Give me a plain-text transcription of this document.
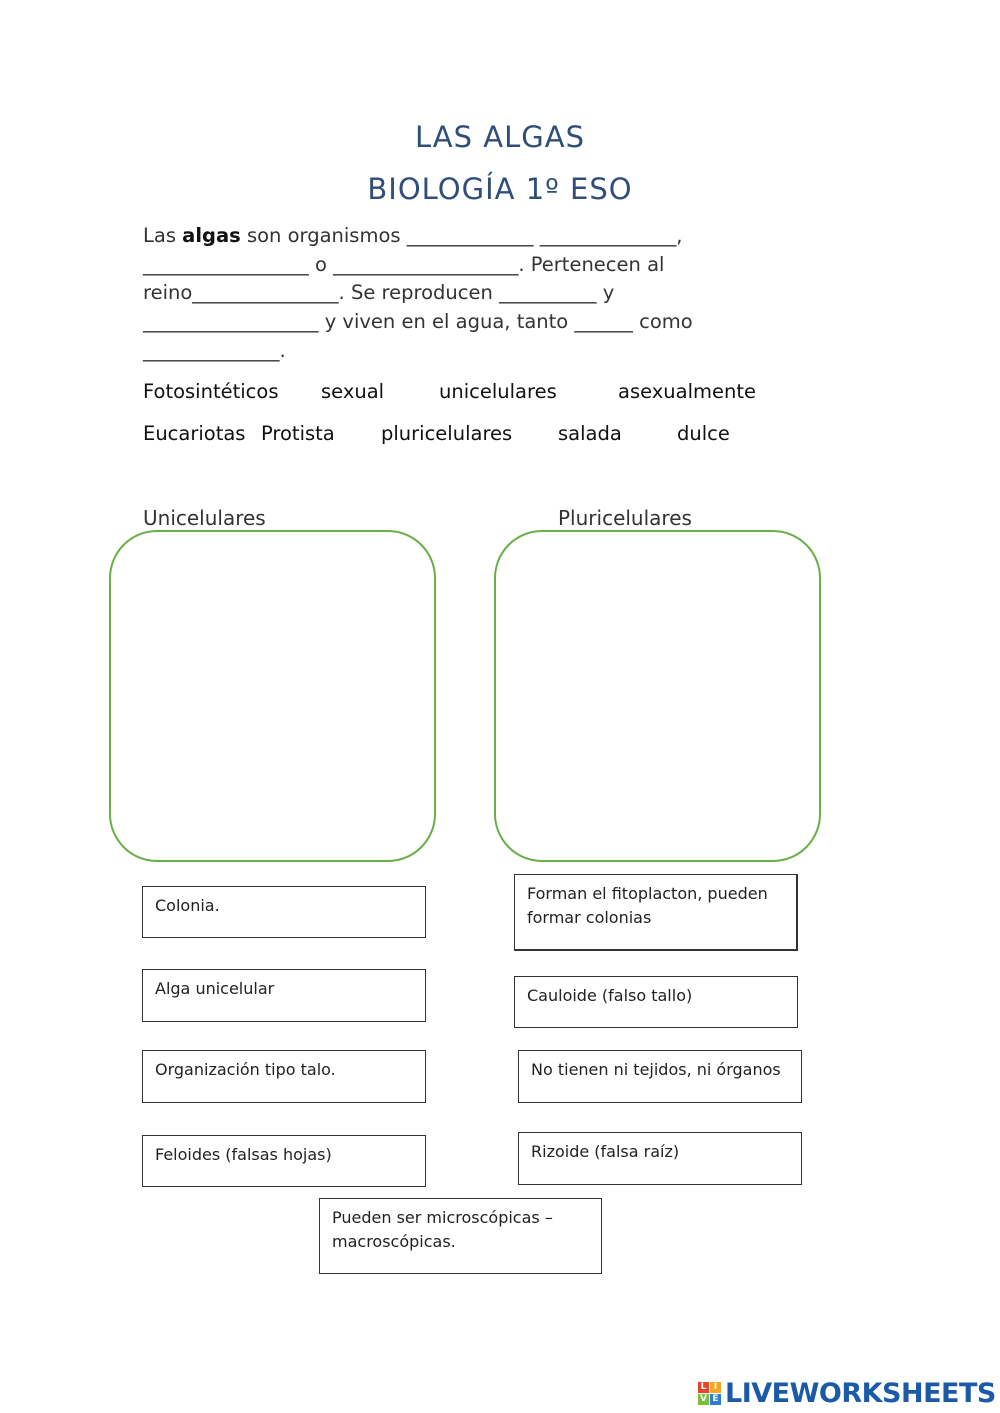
LAS ALGAS
BIOLOGÍA 1º ESO
Las algas son organismos _____________ ______________,
_________________ o ___________________. Pertenecen al
reino_______________. Se reproducen __________ y
__________________ y viven en el agua, tanto ______ como
______________.
Fotosintéticos sexual	unicelulares	asexualmente
Eucariotas Protista pluricelulares salada	dulce
Unicelulares	Pluricelulares
Colonia.
Forman el fitoplacton, pueden formar colonias
Alga unicelular	Cauloide (falso tallo)
Organización tipo talo.	No tienen ni tejidos, ni órganos
Feloides (falsas hojas)	Rizoide (falsa raíz)
Pueden ser microscópicas – macroscópicas.
L I
V E LIVEWORKSHEETS
